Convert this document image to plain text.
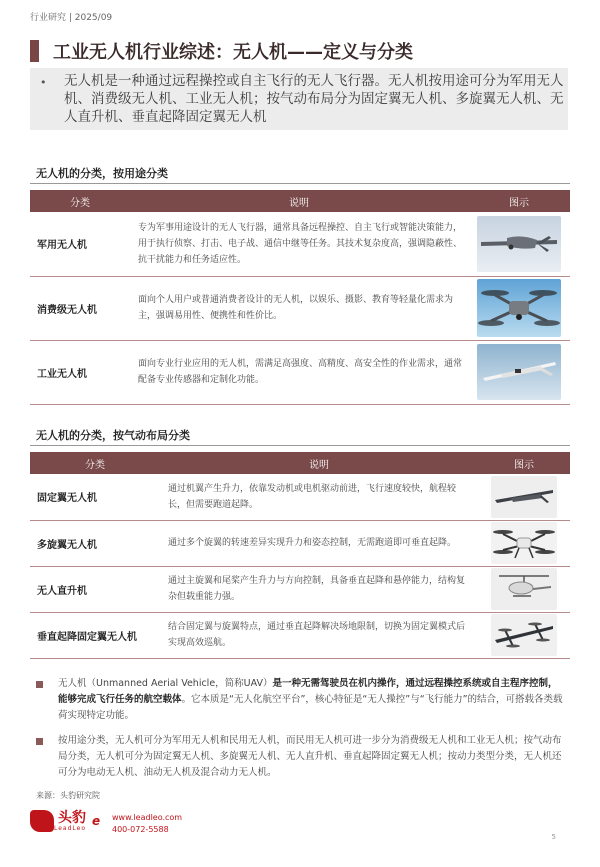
行业研究 | 2025/09
工业无人机行业综述：无人机——定义与分类
• 无人机是一种通过远程操控或自主飞行的无人飞行器。无人机按用途可分为军用无人机、消费级无人机、工业无人机；按气动布局分为固定翼无人机、多旋翼无人机、无人直升机、垂直起降固定翼无人机
无人机的分类，按用途分类
分类	说明	图示
军用无人机	专为军事用途设计的无人飞行器，通常具备远程操控、自主飞行或智能决策能力，用于执行侦察、打击、电子战、通信中继等任务。其技术复杂度高，强调隐蔽性、抗干扰能力和任务适应性。	

消费级无人机	面向个人用户或普通消费者设计的无人机，以娱乐、摄影、教育等轻量化需求为主，强调易用性、便携性和性价比。	

工业无人机	面向专业行业应用的无人机，需满足高强度、高精度、高安全性的作业需求，通常配备专业传感器和定制化功能。	
无人机的分类，按气动布局分类
分类	说明	图示
固定翼无人机	通过机翼产生升力，依靠发动机或电机驱动前进，飞行速度较快，航程较长，但需要跑道起降。	

多旋翼无人机	通过多个旋翼的转速差异实现升力和姿态控制，无需跑道即可垂直起降。	

无人直升机	通过主旋翼和尾桨产生升力与方向控制，具备垂直起降和悬停能力，结构复杂但载重能力强。	

垂直起降固定翼无人机	结合固定翼与旋翼特点，通过垂直起降解决场地限制，切换为固定翼模式后实现高效巡航。	
无人机（Unmanned Aerial Vehicle，简称UAV）是一种无需驾驶员在机内操作，通过远程操控系统或自主程序控制，能够完成飞行任务的航空载体。它本质是“无人化航空平台”，核心特征是“无人操控”与“飞行能力”的结合，可搭载各类载荷实现特定功能。
按用途分类，无人机可分为军用无人机和民用无人机，而民用无人机可进一步分为消费级无人机和工业无人机；按气动布局分类，无人机可分为固定翼无人机、多旋翼无人机、无人直升机、垂直起降固定翼无人机；按动力类型分类，无人机还可分为电动无人机、油动无人机及混合动力无人机。
来源：头豹研究院
头豹
LeadLeo e www.leadleo.com
400-072-5588
5
